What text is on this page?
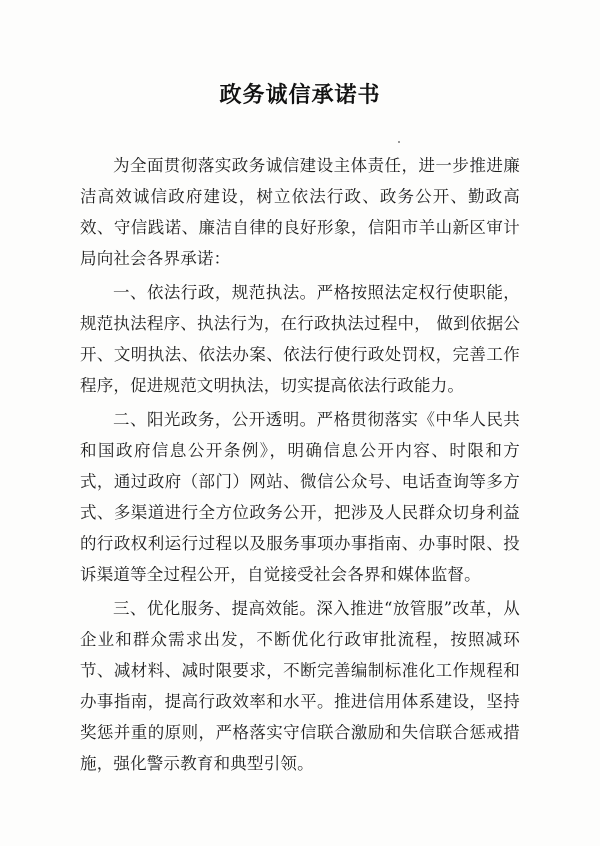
政务诚信承诺书

为全面贯彻落实政务诚信建设主体责任，进一步推进廉洁高效诚信政府建设，树立依法行政、政务公开、勤政高效、守信践诺、廉洁自律的良好形象，信阳市羊山新区审计局向社会各界承诺：

一、依法行政，规范执法。严格按照法定权行使职能，规范执法程序、执法行为，在行政执法过程中， 做到依据公开、文明执法、依法办案、依法行使行政处罚权，完善工作程序，促进规范文明执法，切实提高依法行政能力。

二、阳光政务，公开透明。严格贯彻落实《中华人民共和国政府信息公开条例》，明确信息公开内容、时限和方式，通过政府（部门）网站、微信公众号、电话查询等多方式、多渠道进行全方位政务公开，把涉及人民群众切身利益的行政权利运行过程以及服务事项办事指南、办事时限、投诉渠道等全过程公开，自觉接受社会各界和媒体监督。

三、优化服务、提高效能。深入推进“放管服”改革，从企业和群众需求出发，不断优化行政审批流程，按照减环节、减材料、减时限要求，不断完善编制标准化工作规程和办事指南，提高行政效率和水平。推进信用体系建设，坚持奖惩并重的原则，严格落实守信联合激励和失信联合惩戒措施，强化警示教育和典型引领。
